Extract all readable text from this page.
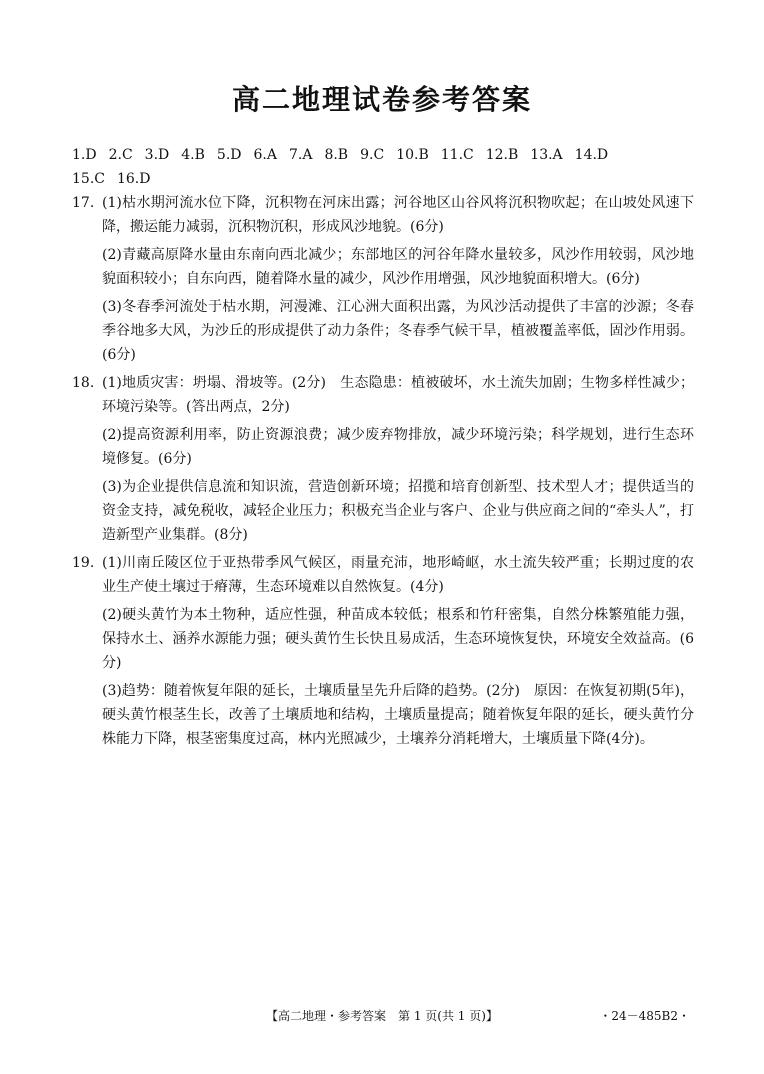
高二地理试卷参考答案
1.D 2.C 3.D 4.B 5.D 6.A 7.A 8.B 9.C 10.B 11.C 12.B 13.A 14.D
15.C 16.D
17. (1)枯水期河流水位下降，沉积物在河床出露；河谷地区山谷风将沉积物吹起；在山坡处风速下降，搬运能力减弱，沉积物沉积，形成风沙地貌。(6分)

(2)青藏高原降水量由东南向西北减少；东部地区的河谷年降水量较多，风沙作用较弱，风沙地貌面积较小；自东向西，随着降水量的减少，风沙作用增强，风沙地貌面积增大。(6分)

(3)冬春季河流处于枯水期，河漫滩、江心洲大面积出露，为风沙活动提供了丰富的沙源；冬春季谷地多大风，为沙丘的形成提供了动力条件；冬春季气候干旱，植被覆盖率低，固沙作用弱。(6分)

18. (1)地质灾害：坍塌、滑坡等。(2分)　生态隐患：植被破坏，水土流失加剧；生物多样性减少；环境污染等。(答出两点，2分)

(2)提高资源利用率，防止资源浪费；减少废弃物排放，减少环境污染；科学规划，进行生态环境修复。(6分)

(3)为企业提供信息流和知识流，营造创新环境；招揽和培育创新型、技术型人才；提供适当的资金支持，减免税收，减轻企业压力；积极充当企业与客户、企业与供应商之间的“牵头人”，打造新型产业集群。(8分)

19. (1)川南丘陵区位于亚热带季风气候区，雨量充沛，地形崎岖，水土流失较严重；长期过度的农业生产使土壤过于瘠薄，生态环境难以自然恢复。(4分)

(2)硬头黄竹为本土物种，适应性强，种苗成本较低；根系和竹秆密集，自然分株繁殖能力强，保持水土、涵养水源能力强；硬头黄竹生长快且易成活，生态环境恢复快，环境安全效益高。(6分)

(3)趋势：随着恢复年限的延长，土壤质量呈先升后降的趋势。(2分)　原因：在恢复初期(5年)，硬头黄竹根茎生长，改善了土壤质地和结构，土壤质量提高；随着恢复年限的延长，硬头黄竹分株能力下降，根茎密集度过高，林内光照减少，土壤养分消耗增大，土壤质量下降(4分)。

【高二地理・参考答案　第 1 页(共 1 页)】	・24－485B2・
